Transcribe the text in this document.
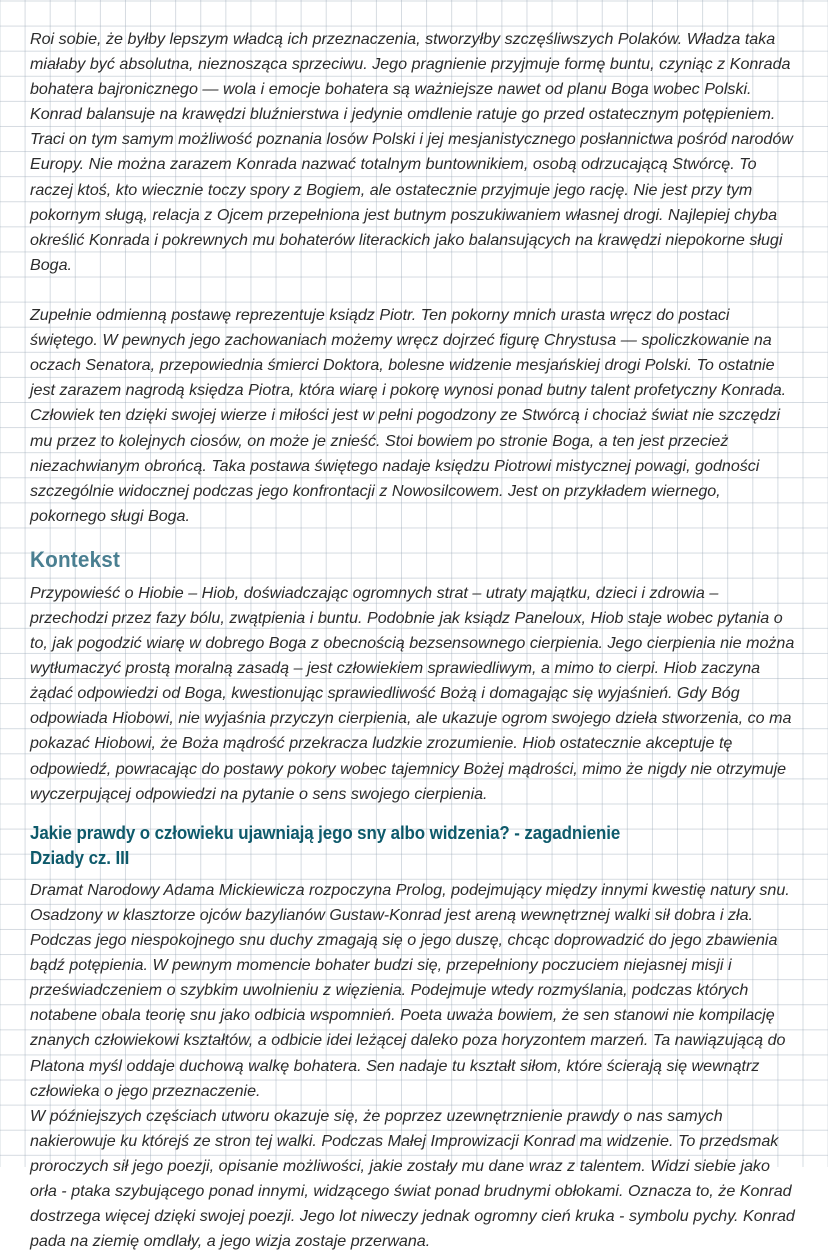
Roi sobie, że byłby lepszym władcą ich przeznaczenia, stworzyłby szczęśliwszych Polaków. Władza taka miałaby być absolutna, nieznosząca sprzeciwu. Jego pragnienie przyjmuje formę buntu, czyniąc z Konrada bohatera bajronicznego — wola i emocje bohatera są ważniejsze nawet od planu Boga wobec Polski. Konrad balansuje na krawędzi bluźnierstwa i jedynie omdlenie ratuje go przed ostatecznym potępieniem. Traci on tym samym możliwość poznania losów Polski i jej mesjanistycznego posłannictwa pośród narodów Europy. Nie można zarazem Konrada nazwać totalnym buntownikiem, osobą odrzucającą Stwórcę. To raczej ktoś, kto wiecznie toczy spory z Bogiem, ale ostatecznie przyjmuje jego rację. Nie jest przy tym pokornym sługą, relacja z Ojcem przepełniona jest butnym poszukiwaniem własnej drogi. Najlepiej chyba określić Konrada i pokrewnych mu bohaterów literackich jako balansujących na krawędzi niepokorne sługi Boga.

Zupełnie odmienną postawę reprezentuje ksiądz Piotr. Ten pokorny mnich urasta wręcz do postaci świętego. W pewnych jego zachowaniach możemy wręcz dojrzeć figurę Chrystusa — spoliczkowanie na oczach Senatora, przepowiednia śmierci Doktora, bolesne widzenie mesjańskiej drogi Polski. To ostatnie jest zarazem nagrodą księdza Piotra, która wiarę i pokorę wynosi ponad butny talent profetyczny Konrada. Człowiek ten dzięki swojej wierze i miłości jest w pełni pogodzony ze Stwórcą i chociaż świat nie szczędzi mu przez to kolejnych ciosów, on może je znieść. Stoi bowiem po stronie Boga, a ten jest przecież niezachwianym obrońcą. Taka postawa świętego nadaje księdzu Piotrowi mistycznej powagi, godności szczególnie widocznej podczas jego konfrontacji z Nowosilcowem. Jest on przykładem wiernego, pokornego sługi Boga.

Kontekst

Przypowieść o Hiobie – Hiob, doświadczając ogromnych strat – utraty majątku, dzieci i zdrowia – przechodzi przez fazy bólu, zwątpienia i buntu. Podobnie jak ksiądz Paneloux, Hiob staje wobec pytania o to, jak pogodzić wiarę w dobrego Boga z obecnością bezsensownego cierpienia. Jego cierpienia nie można wytłumaczyć prostą moralną zasadą – jest człowiekiem sprawiedliwym, a mimo to cierpi. Hiob zaczyna żądać odpowiedzi od Boga, kwestionując sprawiedliwość Bożą i domagając się wyjaśnień. Gdy Bóg odpowiada Hiobowi, nie wyjaśnia przyczyn cierpienia, ale ukazuje ogrom swojego dzieła stworzenia, co ma pokazać Hiobowi, że Boża mądrość przekracza ludzkie zrozumienie. Hiob ostatecznie akceptuje tę odpowiedź, powracając do postawy pokory wobec tajemnicy Bożej mądrości, mimo że nigdy nie otrzymuje wyczerpującej odpowiedzi na pytanie o sens swojego cierpienia.

Jakie prawdy o człowieku ujawniają jego sny albo widzenia? - zagadnienie
Dziady cz. III

Dramat Narodowy Adama Mickiewicza rozpoczyna Prolog, podejmujący między innymi kwestię natury snu. Osadzony w klasztorze ojców bazylianów Gustaw-Konrad jest areną wewnętrznej walki sił dobra i zła. Podczas jego niespokojnego snu duchy zmagają się o jego duszę, chcąc doprowadzić do jego zbawienia bądź potępienia. W pewnym momencie bohater budzi się, przepełniony poczuciem niejasnej misji i przeświadczeniem o szybkim uwolnieniu z więzienia. Podejmuje wtedy rozmyślania, podczas których notabene obala teorię snu jako odbicia wspomnień. Poeta uważa bowiem, że sen stanowi nie kompilację znanych człowiekowi kształtów, a odbicie idei leżącej daleko poza horyzontem marzeń. Ta nawiązującą do Platona myśl oddaje duchową walkę bohatera. Sen nadaje tu kształt siłom, które ścierają się wewnątrz człowieka o jego przeznaczenie.

W późniejszych częściach utworu okazuje się, że poprzez uzewnętrznienie prawdy o nas samych nakierowuje ku którejś ze stron tej walki. Podczas Małej Improwizacji Konrad ma widzenie. To przedsmak proroczych sił jego poezji, opisanie możliwości, jakie zostały mu dane wraz z talentem. Widzi siebie jako orła - ptaka szybującego ponad innymi, widzącego świat ponad brudnymi obłokami. Oznacza to, że Konrad dostrzega więcej dzięki swojej poezji. Jego lot niweczy jednak ogromny cień kruka - symbolu pychy. Konrad pada na ziemię omdlały, a jego wizja zostaje przerwana.
